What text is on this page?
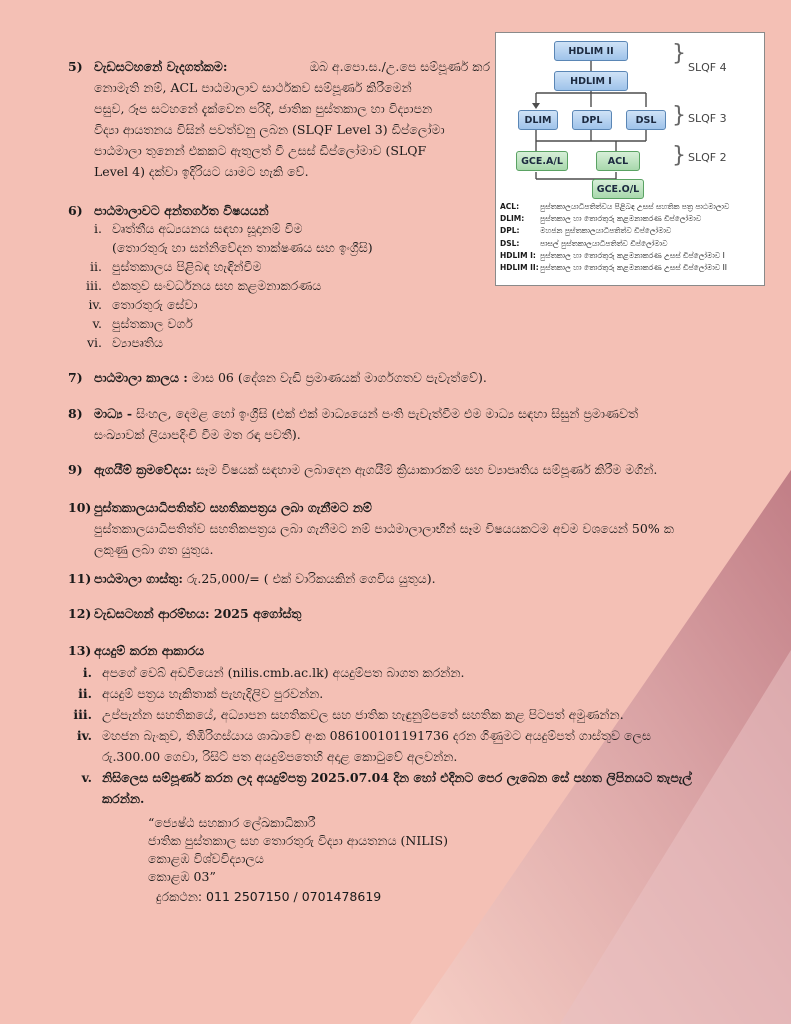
5) වැඩසටහනේ වැදගත්කම:	ඔබ අ.පො.ස./උ.පෙ සම්පූර්ණ කර
නොමැති නම්, ACL පාඨමාලාව සාර්ථකව සම්පූර්ණ කිරීමෙන්
පසුව, රූප සටහනේ දැක්වෙන පරිදි, ජාතික පුස්තකාල හා විද්‍යාපන
විද්‍යා ආයතනය විසින් පවත්වනු ලබන (SLQF Level 3) ඩිප්ලෝමා
පාඨමාලා තුනෙන් එකකට ඇතුලත් වී උසස් ඩිප්ලෝමාව (SLQF
Level 4) දක්වා ඉදිරියට යාමට හැකි වේ.
HDLIM II
HDLIM I
DLIM	DPL	DSL
GCE.A/L	ACL
GCE.O/L
}
SLQF 4
} SLQF 3
} SLQF 2
ACL:	පුස්තකාලයාධිපතිත්වය පිළිබඳ උසස් සහතික පත්‍ර පාඨමාලාව
DLIM:	පුස්තකාල හා තොරතුරු කළමනාකරණ ඩිප්ලෝමාව
DPL:	මහජන පුස්තකාලයාධිපතිත්ව ඩිප්ලෝමාව
DSL:	පාසල් පුස්තකාලයාධිපතිත්ව ඩිප්ලෝමාව
HDLIM I: පුස්තකාල හා තොරතුරු කළමනාකරණ උසස් ඩිප්ලෝමාව I
HDLIM II: පුස්තකාල හා තොරතුරු කළමනාකරණ උසස් ඩිප්ලෝමාව II
6) පාඨමාලාවට අන්තර්ගත විෂයයන්
i. වෘත්තීය අධ්‍යයනය සඳහා සූදානම් වීම
(තොරතුරු හා සන්නිවේදන තාක්ෂණය සහ ඉංග්‍රීසි)
ii. පුස්තකාලය පිළිබඳ හැඳින්වීම
iii. එකතුව සංවර්ධනය සහ කළමනාකරණය
iv. තොරතුරු සේවා
v. පුස්තකාල වර්ග
vi. ව්‍යාපෘතිය
7) පාඨමාලා කාලය : මාස 06 (දේශන වැඩි ප්‍රමාණයක් මාර්ගගතව පැවැත්වේ).
8) මාධ්‍ය - සිංහල, දෙමළ හෝ ඉංග්‍රීසි (එක් එක් මාධ්‍යයෙන් පංති පැවැත්වීම එම මාධ්‍ය සඳහා සිසුන් ප්‍රමාණවත්
සංඛ්‍යාවක් ලියාපදිංචි වීම මත රඳා පවතී).
9) ඇගයීම් ක්‍රමවේදය: සෑම විෂයක් සඳහාම ලබාදෙන ඇගයීම් ක්‍රියාකාරකම් සහ ව්‍යාපෘතිය සම්පූර්ණ කිරීම මගින්.
10) පුස්තකාලයාධිපතිත්ව සහතිකපත්‍රය ලබා ගැනීමට නම්
පුස්තකාලයාධිපතිත්ව සහතිකපත්‍රය ලබා ගැනීමට නම් පාඨමාලාලාභීන් සෑම විෂයයකටම අවම වශයෙන් 50% ක
ලකුණු ලබා ගත යුතුය.
11) පාඨමාලා ගාස්තු: රු.25,000/= ( එක් වාරිකයකින් ගෙවිය යුතුය).
12) වැඩසටහන් ආරම්භය: 2025 අගෝස්තු
13) අයදුම් කරන ආකාරය
i. අපගේ වෙබ් අඩවියෙන් (nilis.cmb.ac.lk) අයදුම්පත බාගත කරන්න.
ii. අයදුම් පත්‍රය හැකිතාක් පැහැදිලිව පුරවන්න.
iii. උප්පැන්න සහතිකයේ, අධ්‍යාපන සහතිකවල සහ ජාතික හැඳුනුම්පතේ සහතික කළ පිටපත් අමුණන්න.
iv. මහජන බැංකුව, තිඹිරිගස්යාය ශාඛාවේ අංක 086100101191736 දරන ගිණුමට අයදුම්පත් ගාස්තුව ලෙස
රු.300.00 ගෙවා, රිසිට් පත අයදුම්පතෙහි අදාළ කොටුවේ අලවන්න.
v. නිසිලෙස සම්පූර්ණ කරන ලද අයදුම්පත්‍ර 2025.07.04 දින හෝ එදිනට පෙර ලැබෙන සේ පහත ලිපිනයට තැපැල්
කරන්න.
“ජ්‍යෙෂ්ඨ සහකාර ලේඛකාධිකාරී
ජාතික පුස්තකාල සහ තොරතුරු විද්‍යා ආයතනය (NILIS)
කොළඹ විශ්වවිද්‍යාලය
කොළඹ 03”
දුරකථන: 011 2507150 / 0701478619
